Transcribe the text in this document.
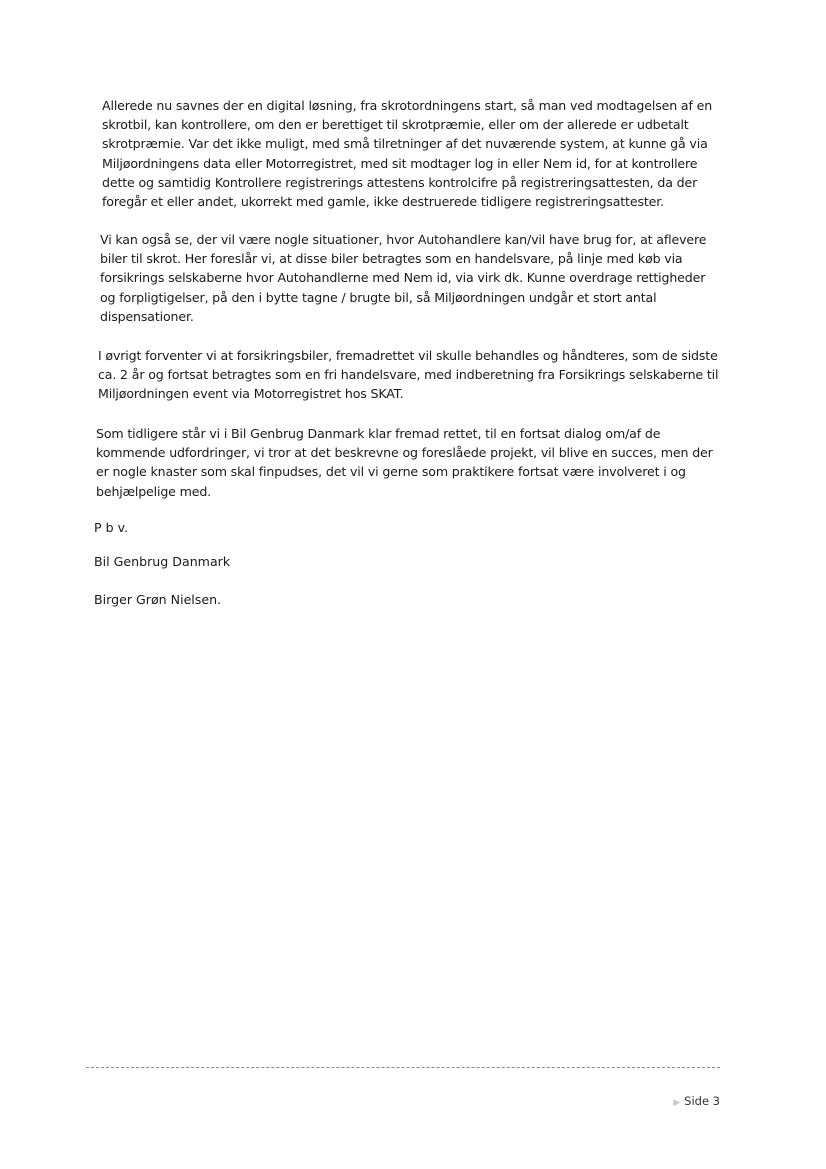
Allerede nu savnes der en digital løsning, fra skrotordningens start, så man ved modtagelsen af en
skrotbil, kan kontrollere, om den er berettiget til skrotpræmie, eller om der allerede er udbetalt
skrotpræmie. Var det ikke muligt, med små tilretninger af det nuværende system, at kunne gå via
Miljøordningens data eller Motorregistret, med sit modtager log in eller Nem id, for at kontrollere
dette og samtidig Kontrollere registrerings attestens kontrolcifre på registreringsattesten, da der
foregår et eller andet, ukorrekt med gamle, ikke destruerede tidligere registreringsattester.

Vi kan også se, der vil være nogle situationer, hvor Autohandlere kan/vil have brug for, at aflevere
biler til skrot. Her foreslår vi, at disse biler betragtes som en handelsvare, på linje med køb via
forsikrings selskaberne hvor Autohandlerne med Nem id, via virk dk. Kunne overdrage rettigheder
og forpligtigelser, på den i bytte tagne / brugte bil, så Miljøordningen undgår et stort antal
dispensationer.

I øvrigt forventer vi at forsikringsbiler, fremadrettet vil skulle behandles og håndteres, som de sidste
ca. 2 år og fortsat betragtes som en fri handelsvare, med indberetning fra Forsikrings selskaberne til
Miljøordningen event via Motorregistret hos SKAT.

Som tidligere står vi i Bil Genbrug Danmark klar fremad rettet, til en fortsat dialog om/af de
kommende udfordringer, vi tror at det beskrevne og foreslåede projekt, vil blive en succes, men der
er nogle knaster som skal finpudses, det vil vi gerne som praktikere fortsat være involveret i og
behjælpelige med.

P b v.

Bil Genbrug Danmark

Birger Grøn Nielsen.

▶ Side 3
